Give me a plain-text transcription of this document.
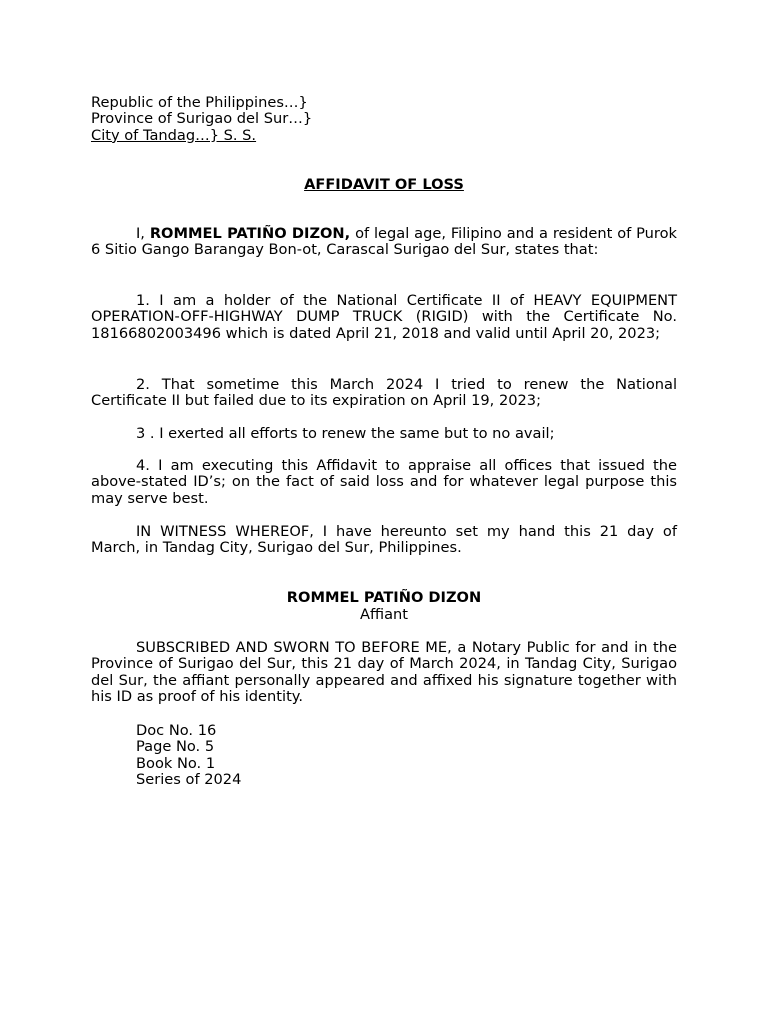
Republic of the Philippines…}
Province of Surigao del Sur…}
City of Tandag…} S. S.
AFFIDAVIT OF LOSS
I, ROMMEL PATIÑO DIZON, of legal age, Filipino and a resident of Purok 6 Sitio Gango Barangay Bon-ot, Carascal Surigao del Sur, states that:
1. I am a holder of the National Certificate II of HEAVY EQUIPMENT OPERATION-OFF-HIGHWAY DUMP TRUCK (RIGID) with the Certificate No. 18166802003496 which is dated April 21, 2018 and valid until April 20, 2023;
2. That sometime this March 2024 I tried to renew the National Certificate II but failed due to its expiration on April 19, 2023;
3 . I exerted all efforts to renew the same but to no avail;
4. I am executing this Affidavit to appraise all offices that issued the above-stated ID’s; on the fact of said loss and for whatever legal purpose this may serve best.
IN WITNESS WHEREOF, I have hereunto set my hand this 21 day of March, in Tandag City, Surigao del Sur, Philippines.
ROMMEL PATIÑO DIZON
Affiant
SUBSCRIBED AND SWORN TO BEFORE ME, a Notary Public for and in the Province of Surigao del Sur, this 21 day of March 2024, in Tandag City, Surigao del Sur, the affiant personally appeared and affixed his signature together with his ID as proof of his identity.
Doc No. 16
Page No. 5
Book No. 1
Series of 2024
